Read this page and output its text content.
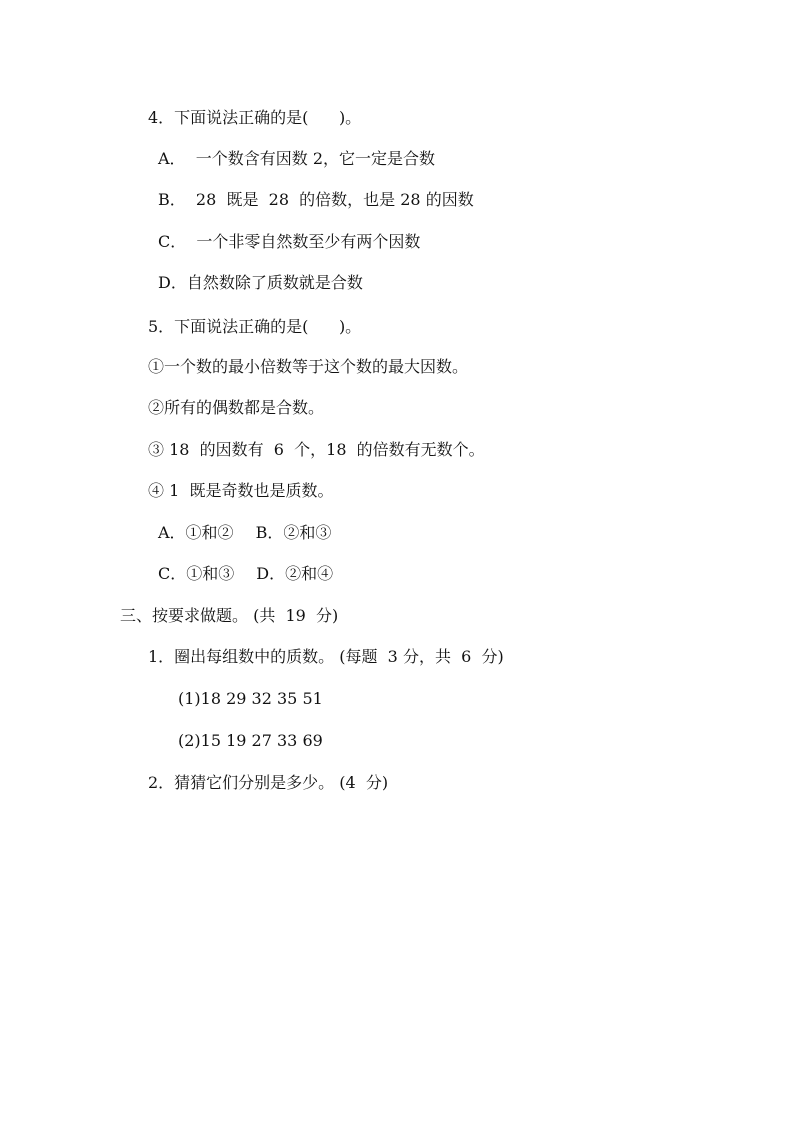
4．下面说法正确的是(      )。
A．  一个数含有因数 2，它一定是合数
B．  28  既是  28  的倍数，也是 28 的因数
C．  一个非零自然数至少有两个因数
D．自然数除了质数就是合数
5．下面说法正确的是(      )。
①一个数的最小倍数等于这个数的最大因数。
②所有的偶数都是合数。
③ 18  的因数有  6  个，18  的倍数有无数个。
④ 1  既是奇数也是质数。
A．①和② B．②和③
C．①和③ D．②和④
三、按要求做题。 (共  19  分)
1．圈出每组数中的质数。 (每题  3 分，共  6  分)
(1)18 29 32 35 51
(2)15 19 27 33 69
2．猜猜它们分别是多少。 (4  分)
